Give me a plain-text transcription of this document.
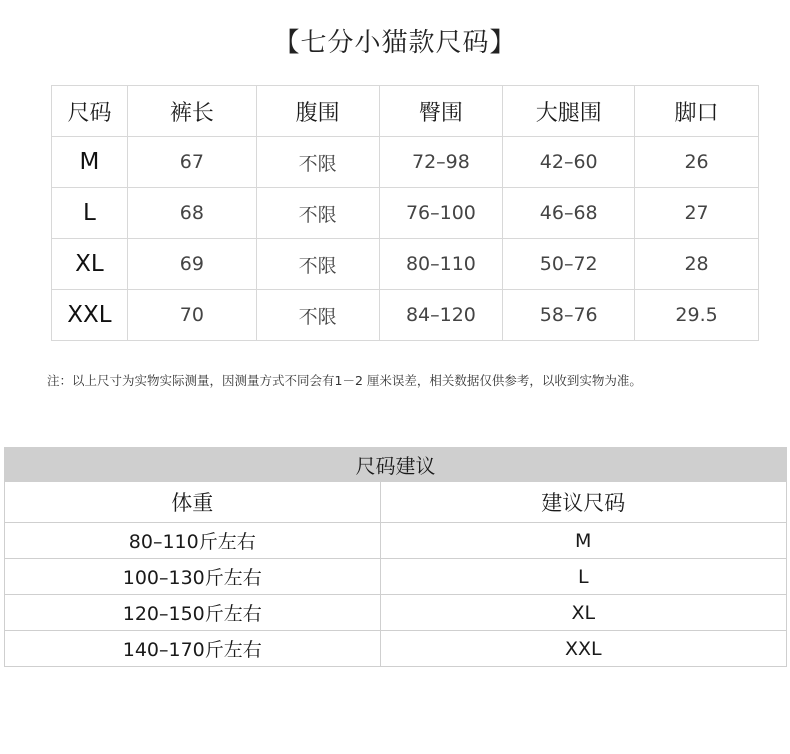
【七分小猫款尺码】
尺码	裤长	腹围	臀围	大腿围	脚口
M	67	不限	72–98	42–60	26
L	68	不限	76–100	46–68	27
XL	69	不限	80–110	50–72	28
XXL	70	不限	84–120	58–76	29.5
注：以上尺寸为实物实际测量，因测量方式不同会有1－2 厘米误差，相关数据仅供参考，以收到实物为准。
尺码建议	
体重	建议尺码
80–110斤左右	M
100–130斤左右	L
120–150斤左右	XL
140–170斤左右	XXL
